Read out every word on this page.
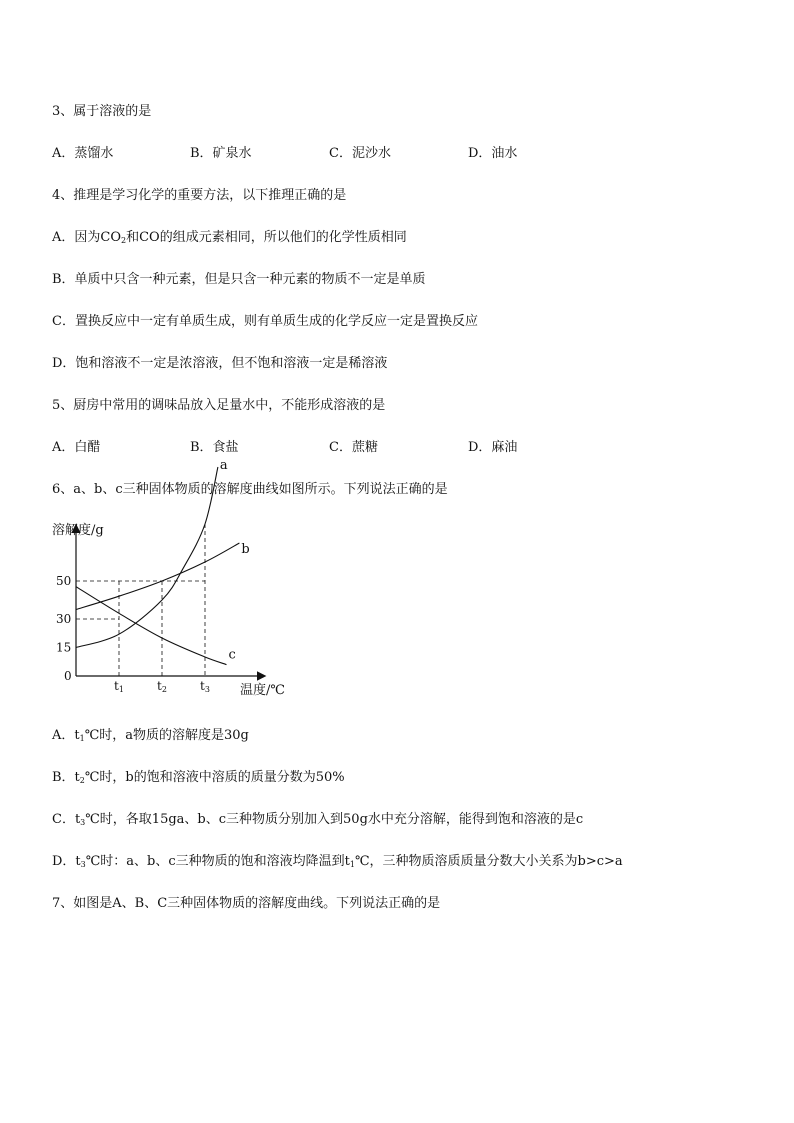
3、属于溶液的是
A．蒸馏水	B．矿泉水	C．泥沙水	D．油水
4、推理是学习化学的重要方法，以下推理正确的是
A．因为$CO_2$和CO的组成元素相同，所以他们的化学性质相同
B．单质中只含一种元素，但是只含一种元素的物质不一定是单质
C．置换反应中一定有单质生成，则有单质生成的化学反应一定是置换反应
D．饱和溶液不一定是浓溶液，但不饱和溶液一定是稀溶液
5、厨房中常用的调味品放入足量水中，不能形成溶液的是
A．白醋	B．食盐	C．蔗糖	D．麻油
6、a、b、c三种固体物质的溶解度曲线如图所示。下列说法正确的是
溶解度/g
温度/℃
0
15
30
50
t1	t2	t3
a
b
c
A．$t_1℃$时，a物质的溶解度是30g
B．$t_2℃$时，b的饱和溶液中溶质的质量分数为50%
C．$t_3℃$时，各取15ga、b、c三种物质分别加入到50g水中充分溶解，能得到饱和溶液的是c
D．$t_3℃$时：a、b、c三种物质的饱和溶液均降温到$t_1℃$，三种物质溶质质量分数大小关系为b>c>a
7、如图是A、B、C三种固体物质的溶解度曲线。下列说法正确的是
